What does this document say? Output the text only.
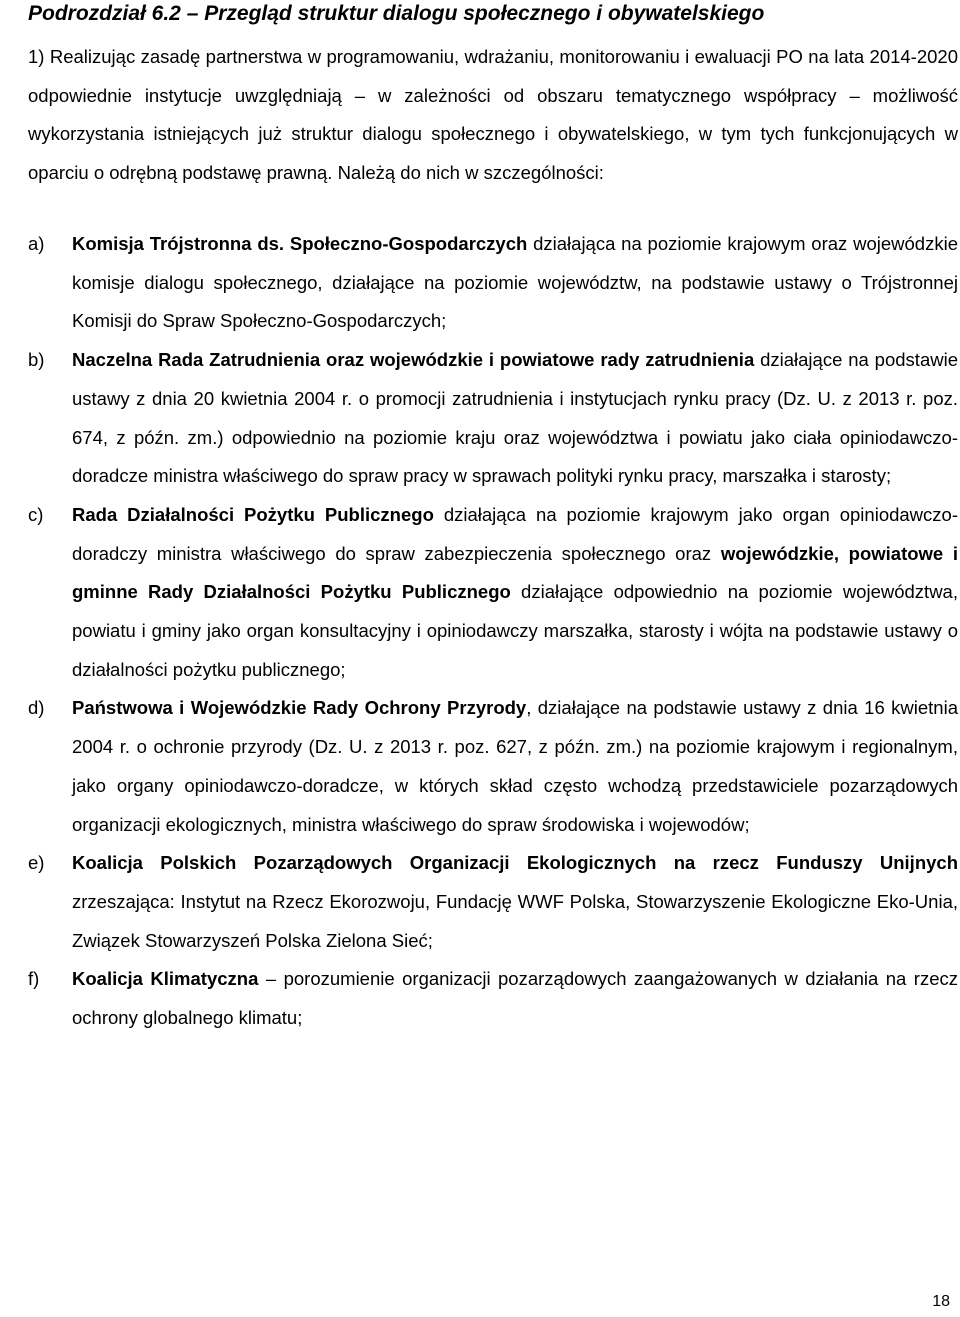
Podrozdział 6.2 – Przegląd struktur dialogu społecznego i obywatelskiego
1) Realizując zasadę partnerstwa w programowaniu, wdrażaniu, monitorowaniu i ewaluacji PO na lata 2014-2020 odpowiednie instytucje uwzględniają – w zależności od obszaru tematycznego współpracy – możliwość wykorzystania istniejących już struktur dialogu społecznego i obywatelskiego, w tym tych funkcjonujących w oparciu o odrębną podstawę prawną. Należą do nich w szczególności:
a) Komisja Trójstronna ds. Społeczno-Gospodarczych działająca na poziomie krajowym oraz wojewódzkie komisje dialogu społecznego, działające na poziomie województw, na podstawie ustawy o Trójstronnej Komisji do Spraw Społeczno-Gospodarczych;
b) Naczelna Rada Zatrudnienia oraz wojewódzkie i powiatowe rady zatrudnienia działające na podstawie ustawy z dnia 20 kwietnia 2004 r. o promocji zatrudnienia i instytucjach rynku pracy (Dz. U. z 2013 r. poz. 674, z późn. zm.) odpowiednio na poziomie kraju oraz województwa i powiatu jako ciała opiniodawczo-doradcze ministra właściwego do spraw pracy w sprawach polityki rynku pracy, marszałka i starosty;
c) Rada Działalności Pożytku Publicznego działająca na poziomie krajowym jako organ opiniodawczo-doradczy ministra właściwego do spraw zabezpieczenia społecznego oraz wojewódzkie, powiatowe i gminne Rady Działalności Pożytku Publicznego działające odpowiednio na poziomie województwa, powiatu i gminy jako organ konsultacyjny i opiniodawczy marszałka, starosty i wójta na podstawie ustawy o działalności pożytku publicznego;
d) Państwowa i Wojewódzkie Rady Ochrony Przyrody, działające na podstawie ustawy z dnia 16 kwietnia 2004 r. o ochronie przyrody (Dz. U. z 2013 r. poz. 627, z późn. zm.) na poziomie krajowym i regionalnym, jako organy opiniodawczo-doradcze, w których skład często wchodzą przedstawiciele pozarządowych organizacji ekologicznych, ministra właściwego do spraw środowiska i wojewodów;
e) Koalicja Polskich Pozarządowych Organizacji Ekologicznych na rzecz Funduszy Unijnych zrzeszająca: Instytut na Rzecz Ekorozwoju, Fundację WWF Polska, Stowarzyszenie Ekologiczne Eko-Unia, Związek Stowarzyszeń Polska Zielona Sieć;
f) Koalicja Klimatyczna – porozumienie organizacji pozarządowych zaangażowanych w działania na rzecz ochrony globalnego klimatu;
18
